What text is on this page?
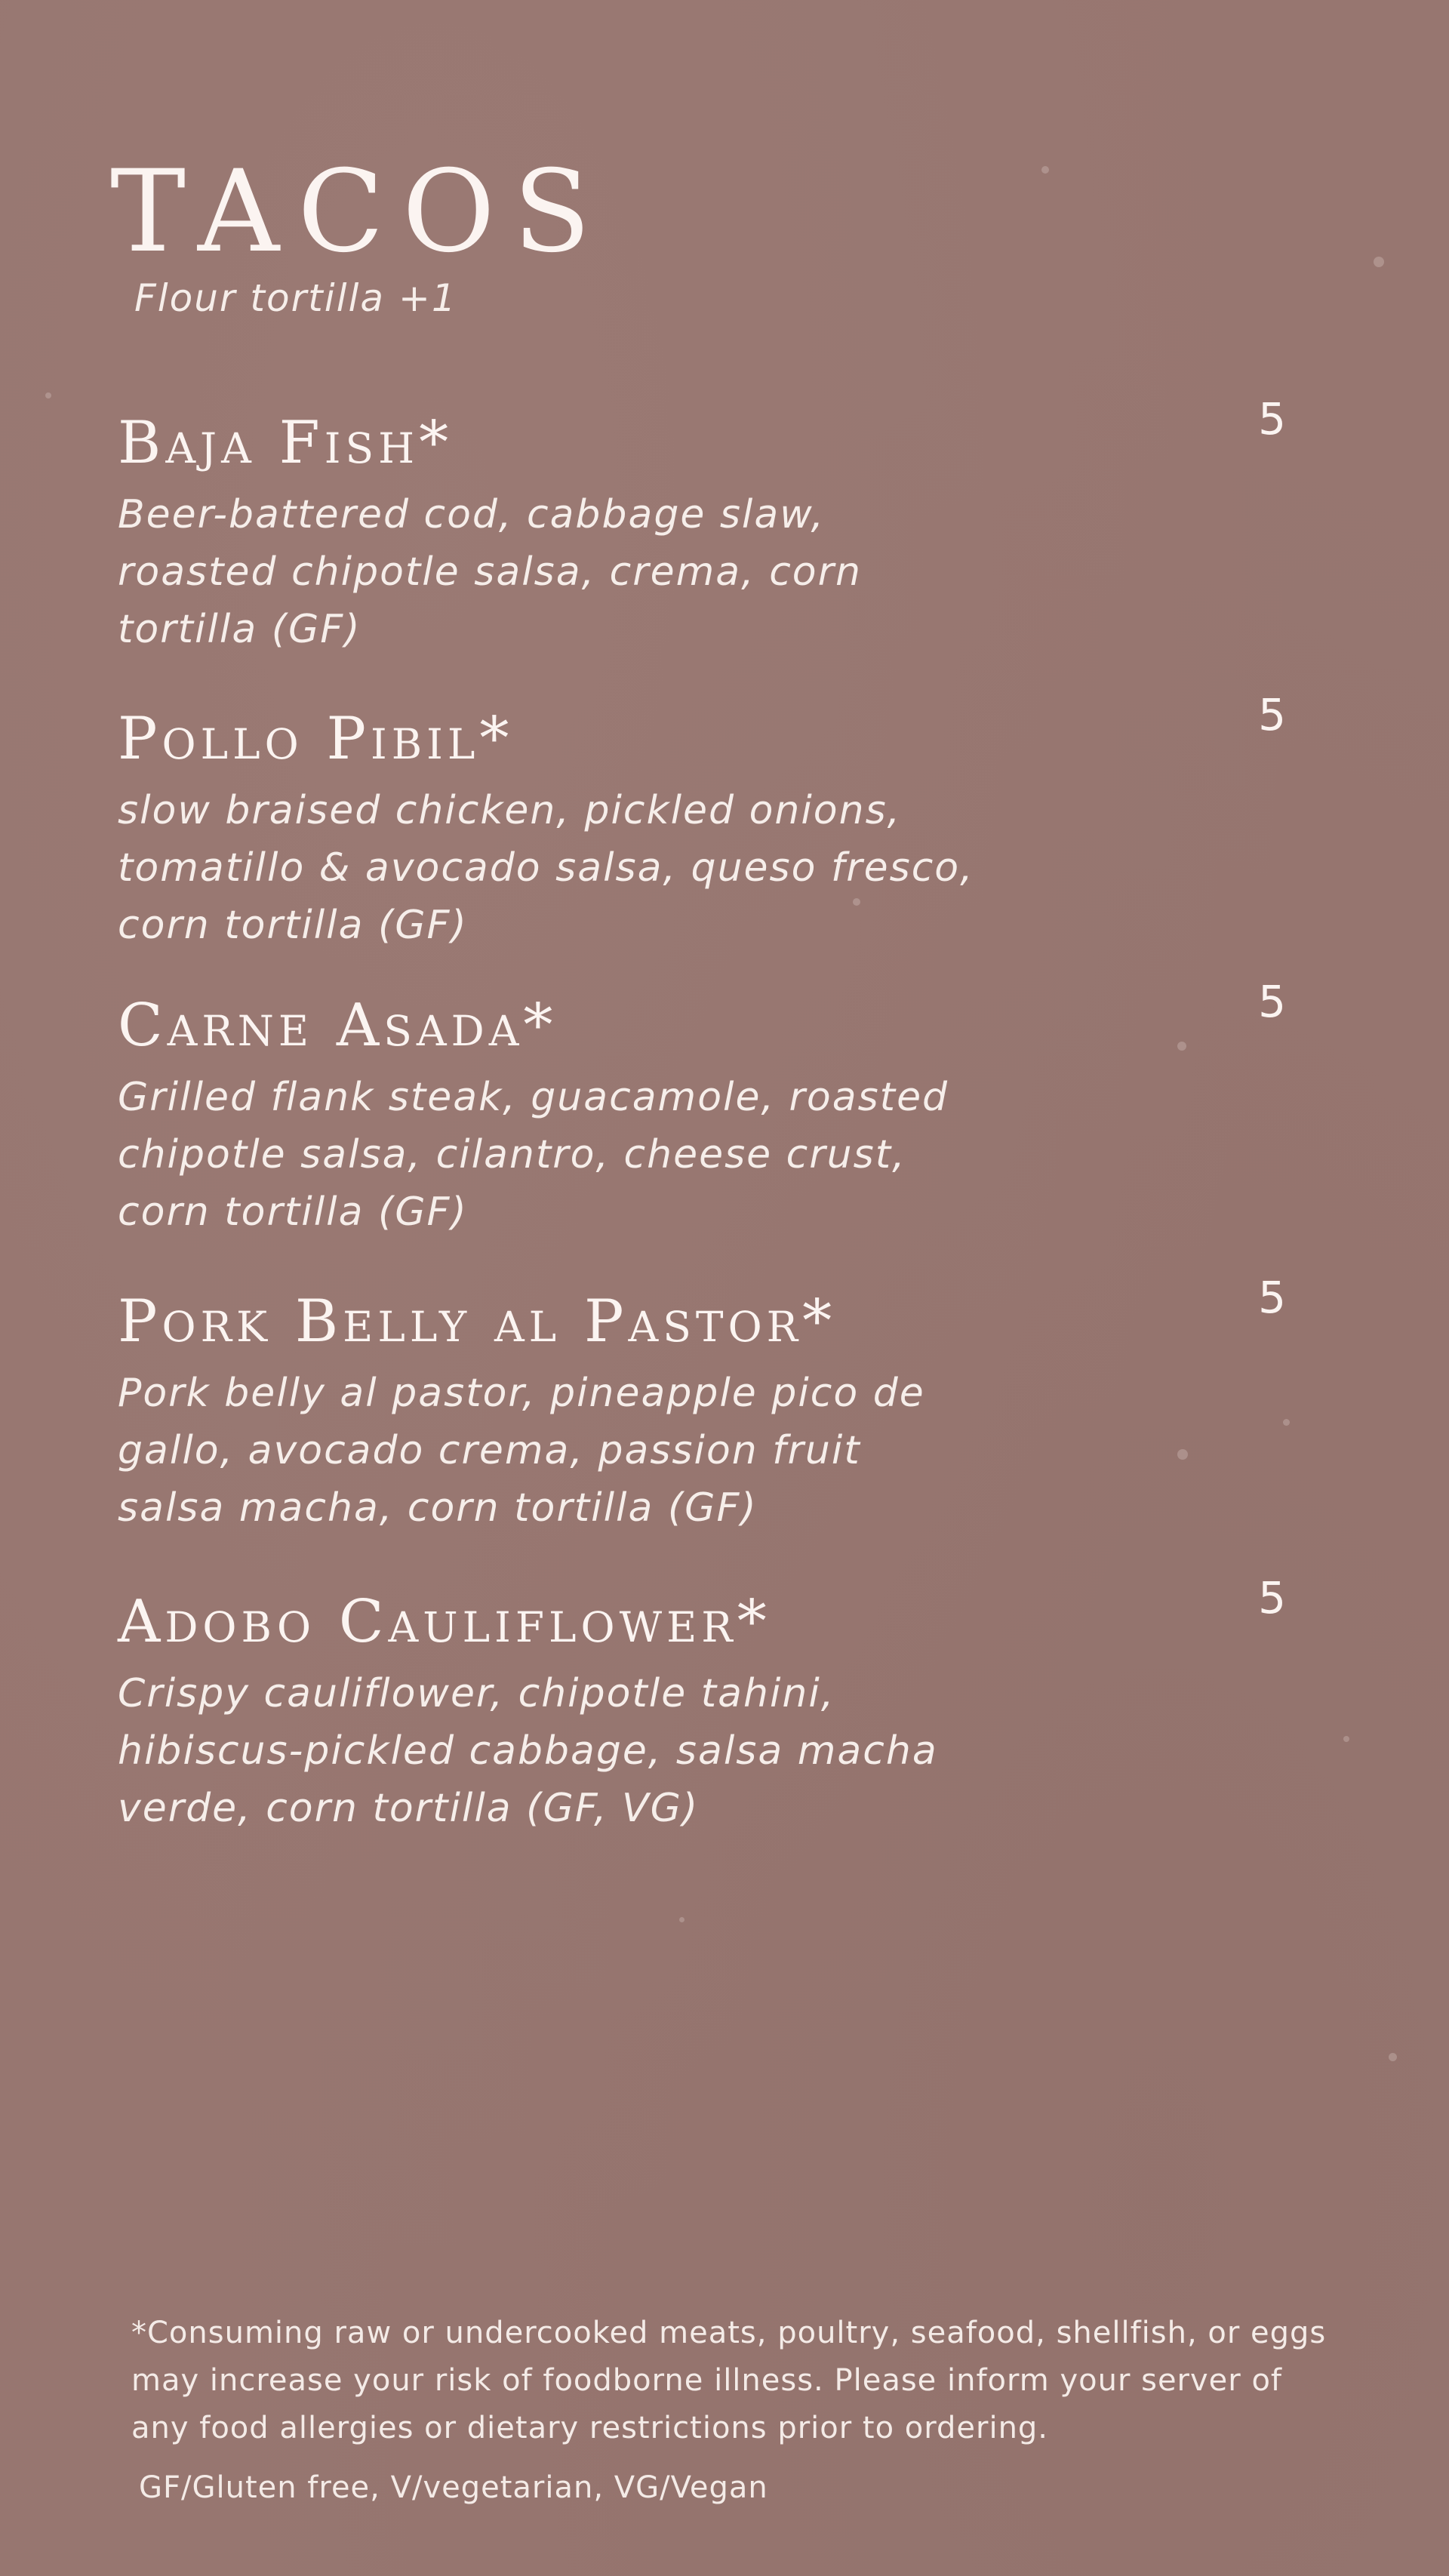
TACOS
Flour tortilla +1
Baja Fish*	5
Beer-battered cod, cabbage slaw, roasted chipotle salsa, crema, corn tortilla (GF)
Pollo Pibil*	5
slow braised chicken, pickled onions, tomatillo & avocado salsa, queso fresco, corn tortilla (GF)
Carne Asada*	5
Grilled flank steak, guacamole, roasted chipotle salsa, cilantro, cheese crust, corn tortilla (GF)
Pork Belly al Pastor*	5
Pork belly al pastor, pineapple pico de gallo, avocado crema, passion fruit salsa macha, corn tortilla (GF)
Adobo Cauliflower*	5
Crispy cauliflower, chipotle tahini, hibiscus-pickled cabbage, salsa macha verde, corn tortilla (GF, VG)
*Consuming raw or undercooked meats, poultry, seafood, shellfish, or eggs may increase your risk of foodborne illness. Please inform your server of any food allergies or dietary restrictions prior to ordering.
GF/Gluten free, V/vegetarian, VG/Vegan
